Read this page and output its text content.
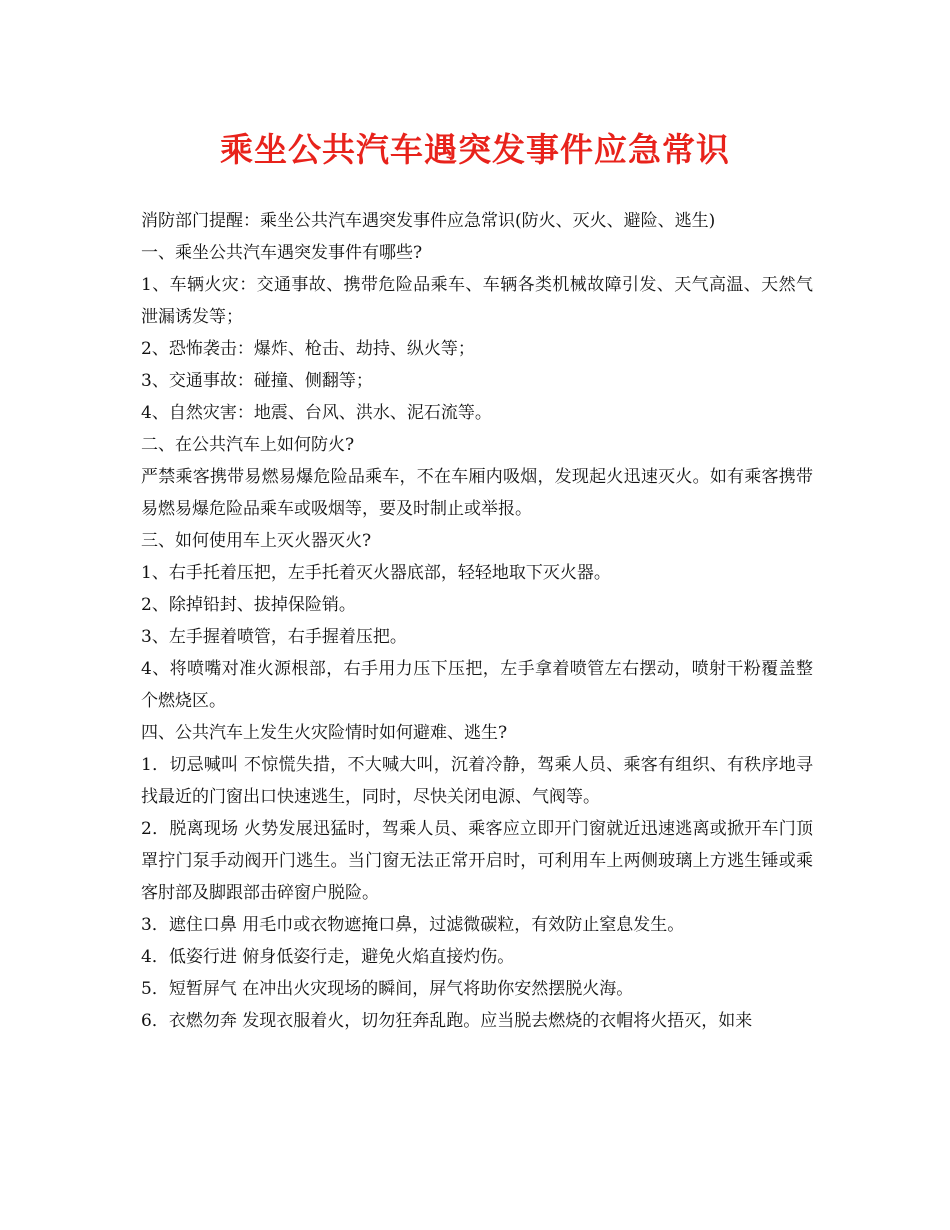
乘坐公共汽车遇突发事件应急常识

消防部门提醒：乘坐公共汽车遇突发事件应急常识(防火、灭火、避险、逃生)

一、乘坐公共汽车遇突发事件有哪些?

1、车辆火灾：交通事故、携带危险品乘车、车辆各类机械故障引发、天气高温、天然气泄漏诱发等；

2、恐怖袭击：爆炸、枪击、劫持、纵火等；

3、交通事故：碰撞、侧翻等；

4、自然灾害：地震、台风、洪水、泥石流等。

二、在公共汽车上如何防火?

严禁乘客携带易燃易爆危险品乘车，不在车厢内吸烟，发现起火迅速灭火。如有乘客携带易燃易爆危险品乘车或吸烟等，要及时制止或举报。

三、如何使用车上灭火器灭火?

1、右手托着压把，左手托着灭火器底部，轻轻地取下灭火器。

2、除掉铅封、拔掉保险销。

3、左手握着喷管，右手握着压把。

4、将喷嘴对准火源根部，右手用力压下压把，左手拿着喷管左右摆动，喷射干粉覆盖整个燃烧区。

四、公共汽车上发生火灾险情时如何避难、逃生?

1．切忌喊叫 不惊慌失措，不大喊大叫，沉着冷静，驾乘人员、乘客有组织、有秩序地寻找最近的门窗出口快速逃生，同时，尽快关闭电源、气阀等。

2．脱离现场 火势发展迅猛时，驾乘人员、乘客应立即开门窗就近迅速逃离或掀开车门顶罩拧门泵手动阀开门逃生。当门窗无法正常开启时，可利用车上两侧玻璃上方逃生锤或乘客肘部及脚跟部击碎窗户脱险。

3．遮住口鼻 用毛巾或衣物遮掩口鼻，过滤微碳粒，有效防止窒息发生。

4．低姿行进 俯身低姿行走，避免火焰直接灼伤。

5．短暂屏气 在冲出火灾现场的瞬间，屏气将助你安然摆脱火海。

6．衣燃勿奔 发现衣服着火，切勿狂奔乱跑。应当脱去燃烧的衣帽将火捂灭，如来
